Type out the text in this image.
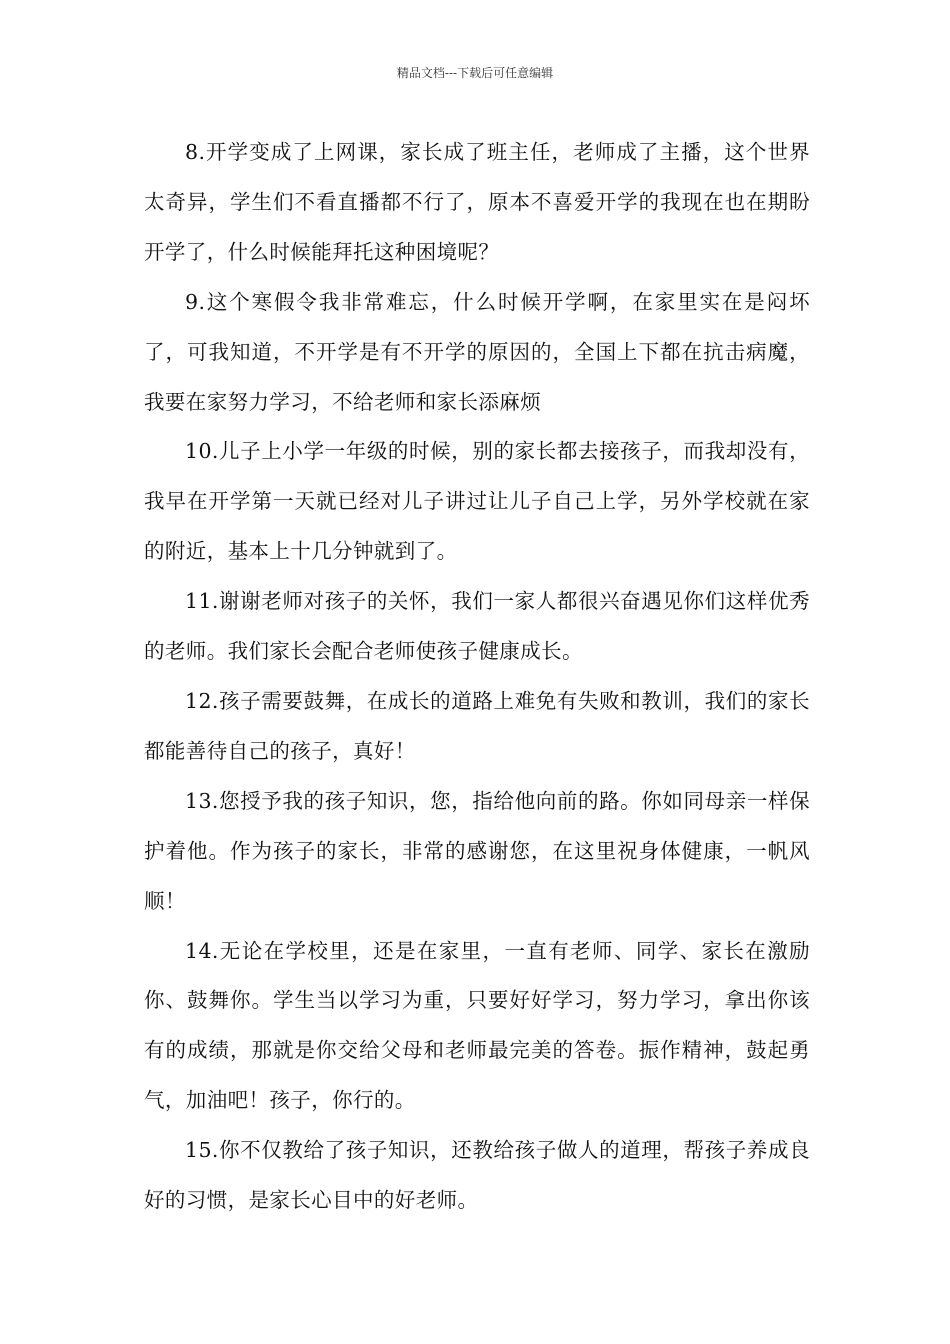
精品文档---下载后可任意编辑

8.开学变成了上网课，家长成了班主任，老师成了主播，这个世界太奇异，学生们不看直播都不行了，原本不喜爱开学的我现在也在期盼开学了，什么时候能拜托这种困境呢？

9.这个寒假令我非常难忘，什么时候开学啊，在家里实在是闷坏了，可我知道，不开学是有不开学的原因的，全国上下都在抗击病魔，我要在家努力学习，不给老师和家长添麻烦

10.儿子上小学一年级的时候，别的家长都去接孩子，而我却没有，我早在开学第一天就已经对儿子讲过让儿子自己上学，另外学校就在家的附近，基本上十几分钟就到了。

11.谢谢老师对孩子的关怀，我们一家人都很兴奋遇见你们这样优秀的老师。我们家长会配合老师使孩子健康成长。

12.孩子需要鼓舞，在成长的道路上难免有失败和教训，我们的家长都能善待自己的孩子，真好！

13.您授予我的孩子知识，您，指给他向前的路。你如同母亲一样保护着他。作为孩子的家长，非常的感谢您，在这里祝身体健康，一帆风顺！

14.无论在学校里，还是在家里，一直有老师、同学、家长在激励你、鼓舞你。学生当以学习为重，只要好好学习，努力学习，拿出你该有的成绩，那就是你交给父母和老师最完美的答卷。振作精神，鼓起勇气，加油吧！孩子，你行的。

15.你不仅教给了孩子知识，还教给孩子做人的道理，帮孩子养成良好的习惯，是家长心目中的好老师。
